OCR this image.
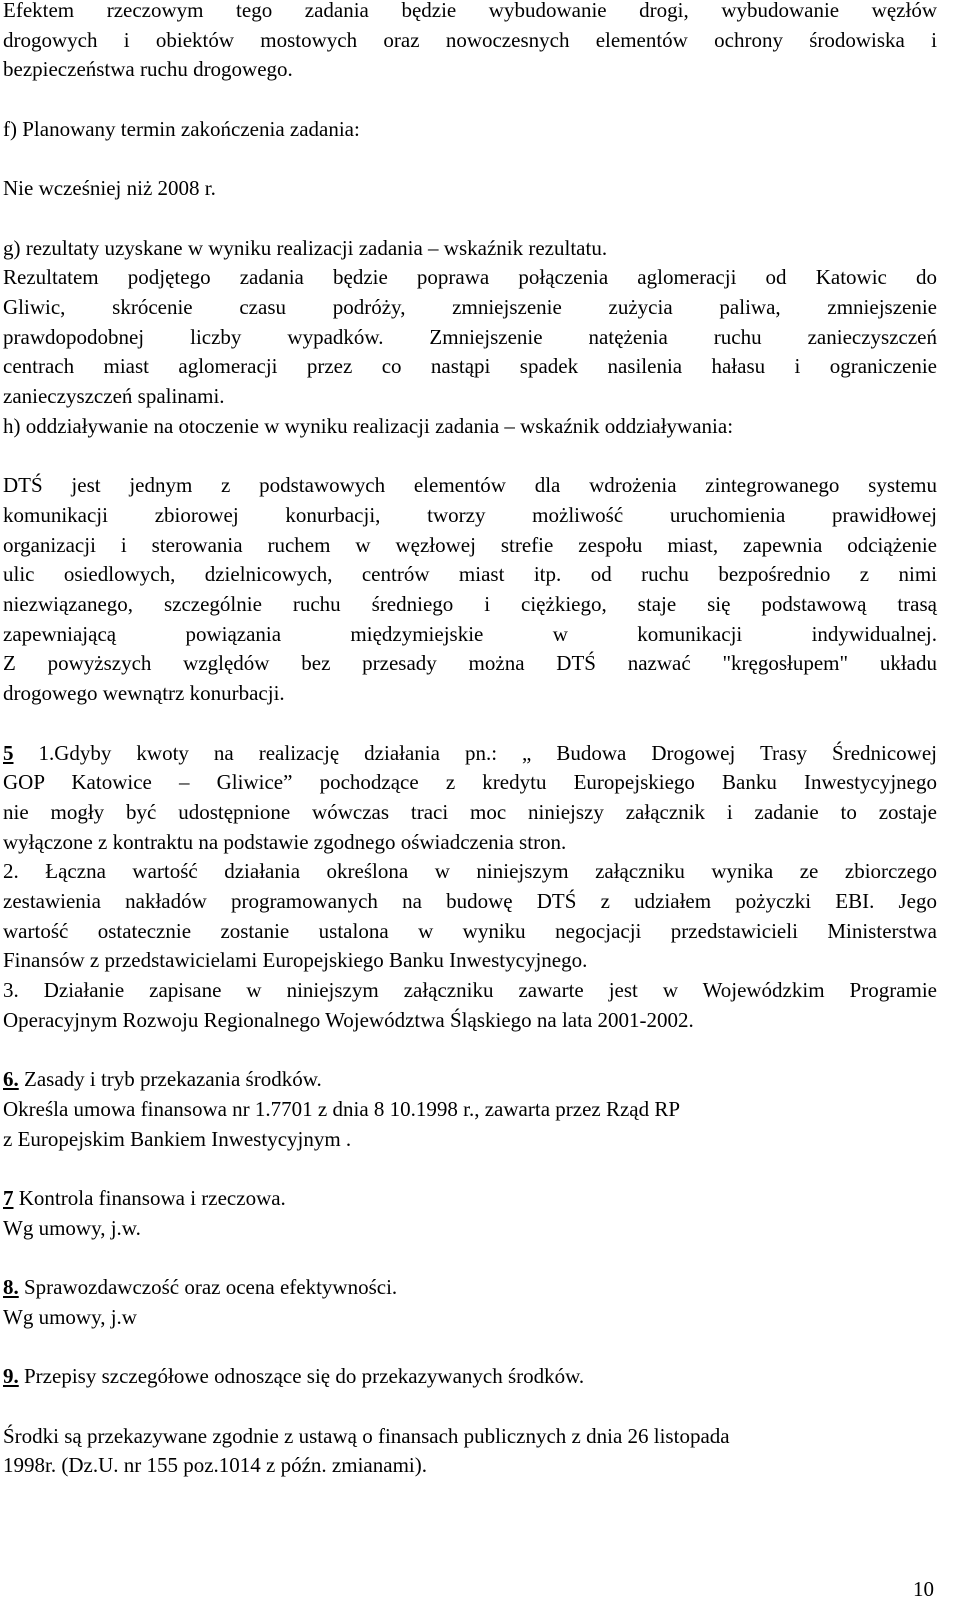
Efektem rzeczowym tego zadania będzie wybudowanie drogi, wybudowanie węzłów

drogowych i obiektów mostowych oraz nowoczesnych elementów ochrony środowiska i

bezpieczeństwa ruchu drogowego.

f) Planowany termin zakończenia zadania:

Nie wcześniej niż 2008 r.

g) rezultaty uzyskane w wyniku realizacji zadania – wskaźnik rezultatu.

Rezultatem podjętego zadania będzie poprawa połączenia aglomeracji od Katowic do

Gliwic, skrócenie czasu podróży, zmniejszenie zużycia paliwa, zmniejszenie

prawdopodobnej liczby wypadków. Zmniejszenie natężenia ruchu zanieczyszczeń

centrach miast aglomeracji przez co nastąpi spadek nasilenia hałasu i ograniczenie

zanieczyszczeń spalinami.

h) oddziaływanie na otoczenie w wyniku realizacji zadania – wskaźnik oddziaływania:

DTŚ jest jednym z podstawowych elementów dla wdrożenia zintegrowanego systemu

komunikacji zbiorowej konurbacji, tworzy możliwość uruchomienia prawidłowej

organizacji i sterowania ruchem w węzłowej strefie zespołu miast, zapewnia odciążenie

ulic osiedlowych, dzielnicowych, centrów miast itp. od ruchu bezpośrednio z nimi

niezwiązanego, szczególnie ruchu średniego i ciężkiego, staje się podstawową trasą

zapewniającą powiązania międzymiejskie w komunikacji indywidualnej.

Z powyższych względów bez przesady można DTŚ nazwać "kręgosłupem" układu

drogowego wewnątrz konurbacji.

5 1.Gdyby kwoty na realizację działania pn.: „ Budowa Drogowej Trasy Średnicowej

GOP Katowice – Gliwice” pochodzące z kredytu Europejskiego Banku Inwestycyjnego

nie mogły być udostępnione wówczas traci moc niniejszy załącznik i zadanie to zostaje

wyłączone z kontraktu na podstawie zgodnego oświadczenia stron.

2. Łączna wartość działania określona w niniejszym załączniku wynika ze zbiorczego

zestawienia nakładów programowanych na budowę DTŚ z udziałem pożyczki EBI. Jego

wartość ostatecznie zostanie ustalona w wyniku negocjacji przedstawicieli Ministerstwa

Finansów z przedstawicielami Europejskiego Banku Inwestycyjnego.

3. Działanie zapisane w niniejszym załączniku zawarte jest w Wojewódzkim Programie

Operacyjnym Rozwoju Regionalnego Województwa Śląskiego na lata 2001-2002.

6. Zasady i tryb przekazania środków.

Określa umowa finansowa nr 1.7701 z dnia 8 10.1998 r., zawarta przez Rząd RP

z Europejskim Bankiem Inwestycyjnym .

7 Kontrola finansowa i rzeczowa.

Wg umowy, j.w.

8. Sprawozdawczość oraz ocena efektywności.

Wg umowy, j.w

9. Przepisy szczegółowe odnoszące się do przekazywanych środków.

Środki są przekazywane zgodnie z ustawą o finansach publicznych z dnia 26 listopada

1998r. (Dz.U. nr 155 poz.1014 z późn. zmianami).

10
